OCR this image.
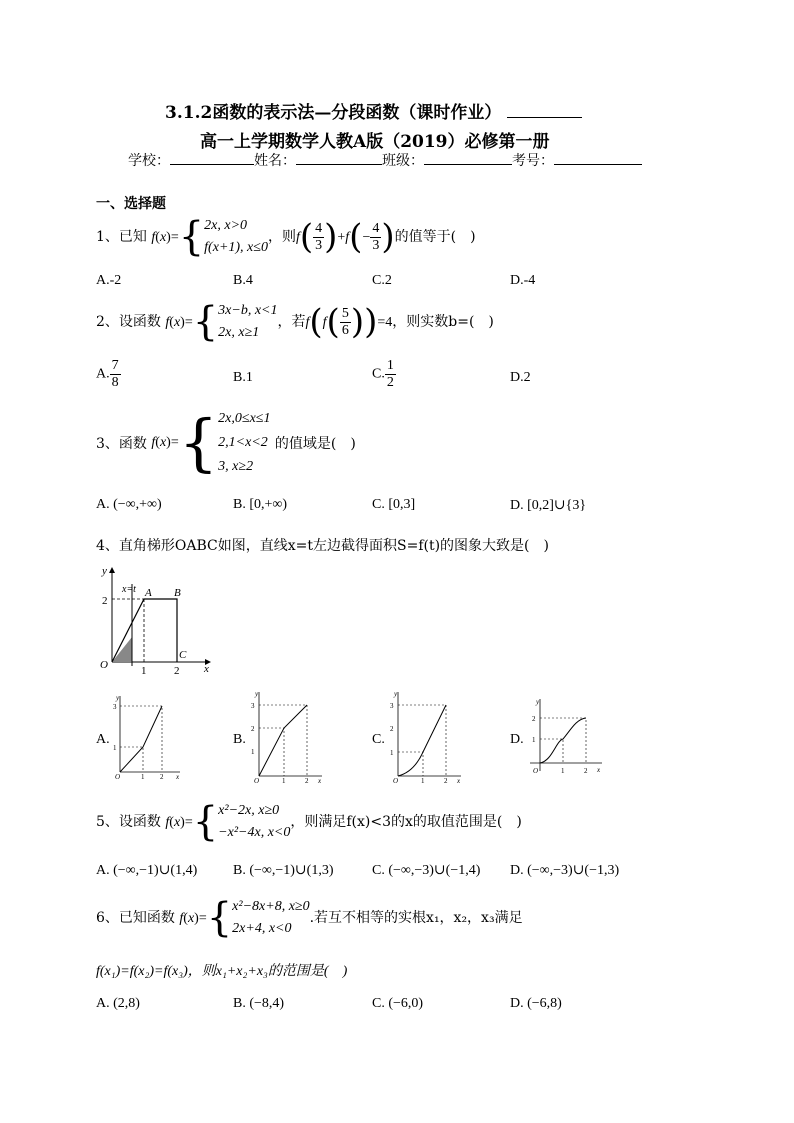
3.1.2函数的表示法—分段函数（课时作业）
高一上学期数学人教A版（2019）必修第一册
学校：	姓名：	班级：	考号：
一、选择题
1、已知 f(x)={ 2x, x>0
f(x+1), x≤0
，则$f( \frac{4}{3} )+f(- \frac{4}{3}$ )的值等于(　)
A.-2	B.4	C.2	D.-4
2、设函数 f(x)={ 3x−b, x<1
2x, x≥1
，若$f(f( \frac{5}{6} ))=4$，则实数b=(　)
A. $\frac{7}{8}$	B.1	C. $\frac{1}{2}$	D.2
3、函数 f(x)={ 2x,0≤x≤1
2,1<x<2
3, x≥2
的值域是(　)
A. (−∞,+∞)	B. [0,+∞)	C. [0,3]	D. [0,2]∪{3}
4、直角梯形OABC如图，直线x=t左边截得面积S=f(t)的图象大致是(　)
y
x
O
2
1	2
x=t A B
C
A.
1
3
O	1 2 x
y
B.
1
2
3
O	1	2 x
y
C.
1
2
3
O	1	2 x
y
D. 1
2
O	1	2 x
y
5、设函数 f(x)={ x²−2x, x≥0
−x²−4x, x<0
，则满足f(x)<3的x的取值范围是(　)
A. (−∞,−1)∪(1,4)	B. (−∞,−1)∪(1,3)	C. (−∞,−3)∪(−1,4) D. (−∞,−3)∪(−1,3)
6、已知函数 f(x)={ x²−8x+8, x≥0
2x+4, x<0
.若互不相等的实根x₁，x₂，x₃满足
f(x₁)=f(x₂)=f(x₃)，则x₁+x₂+x₃的范围是(　)
A. (2,8)	B. (−8,4)	C. (−6,0)	D. (−6,8)
